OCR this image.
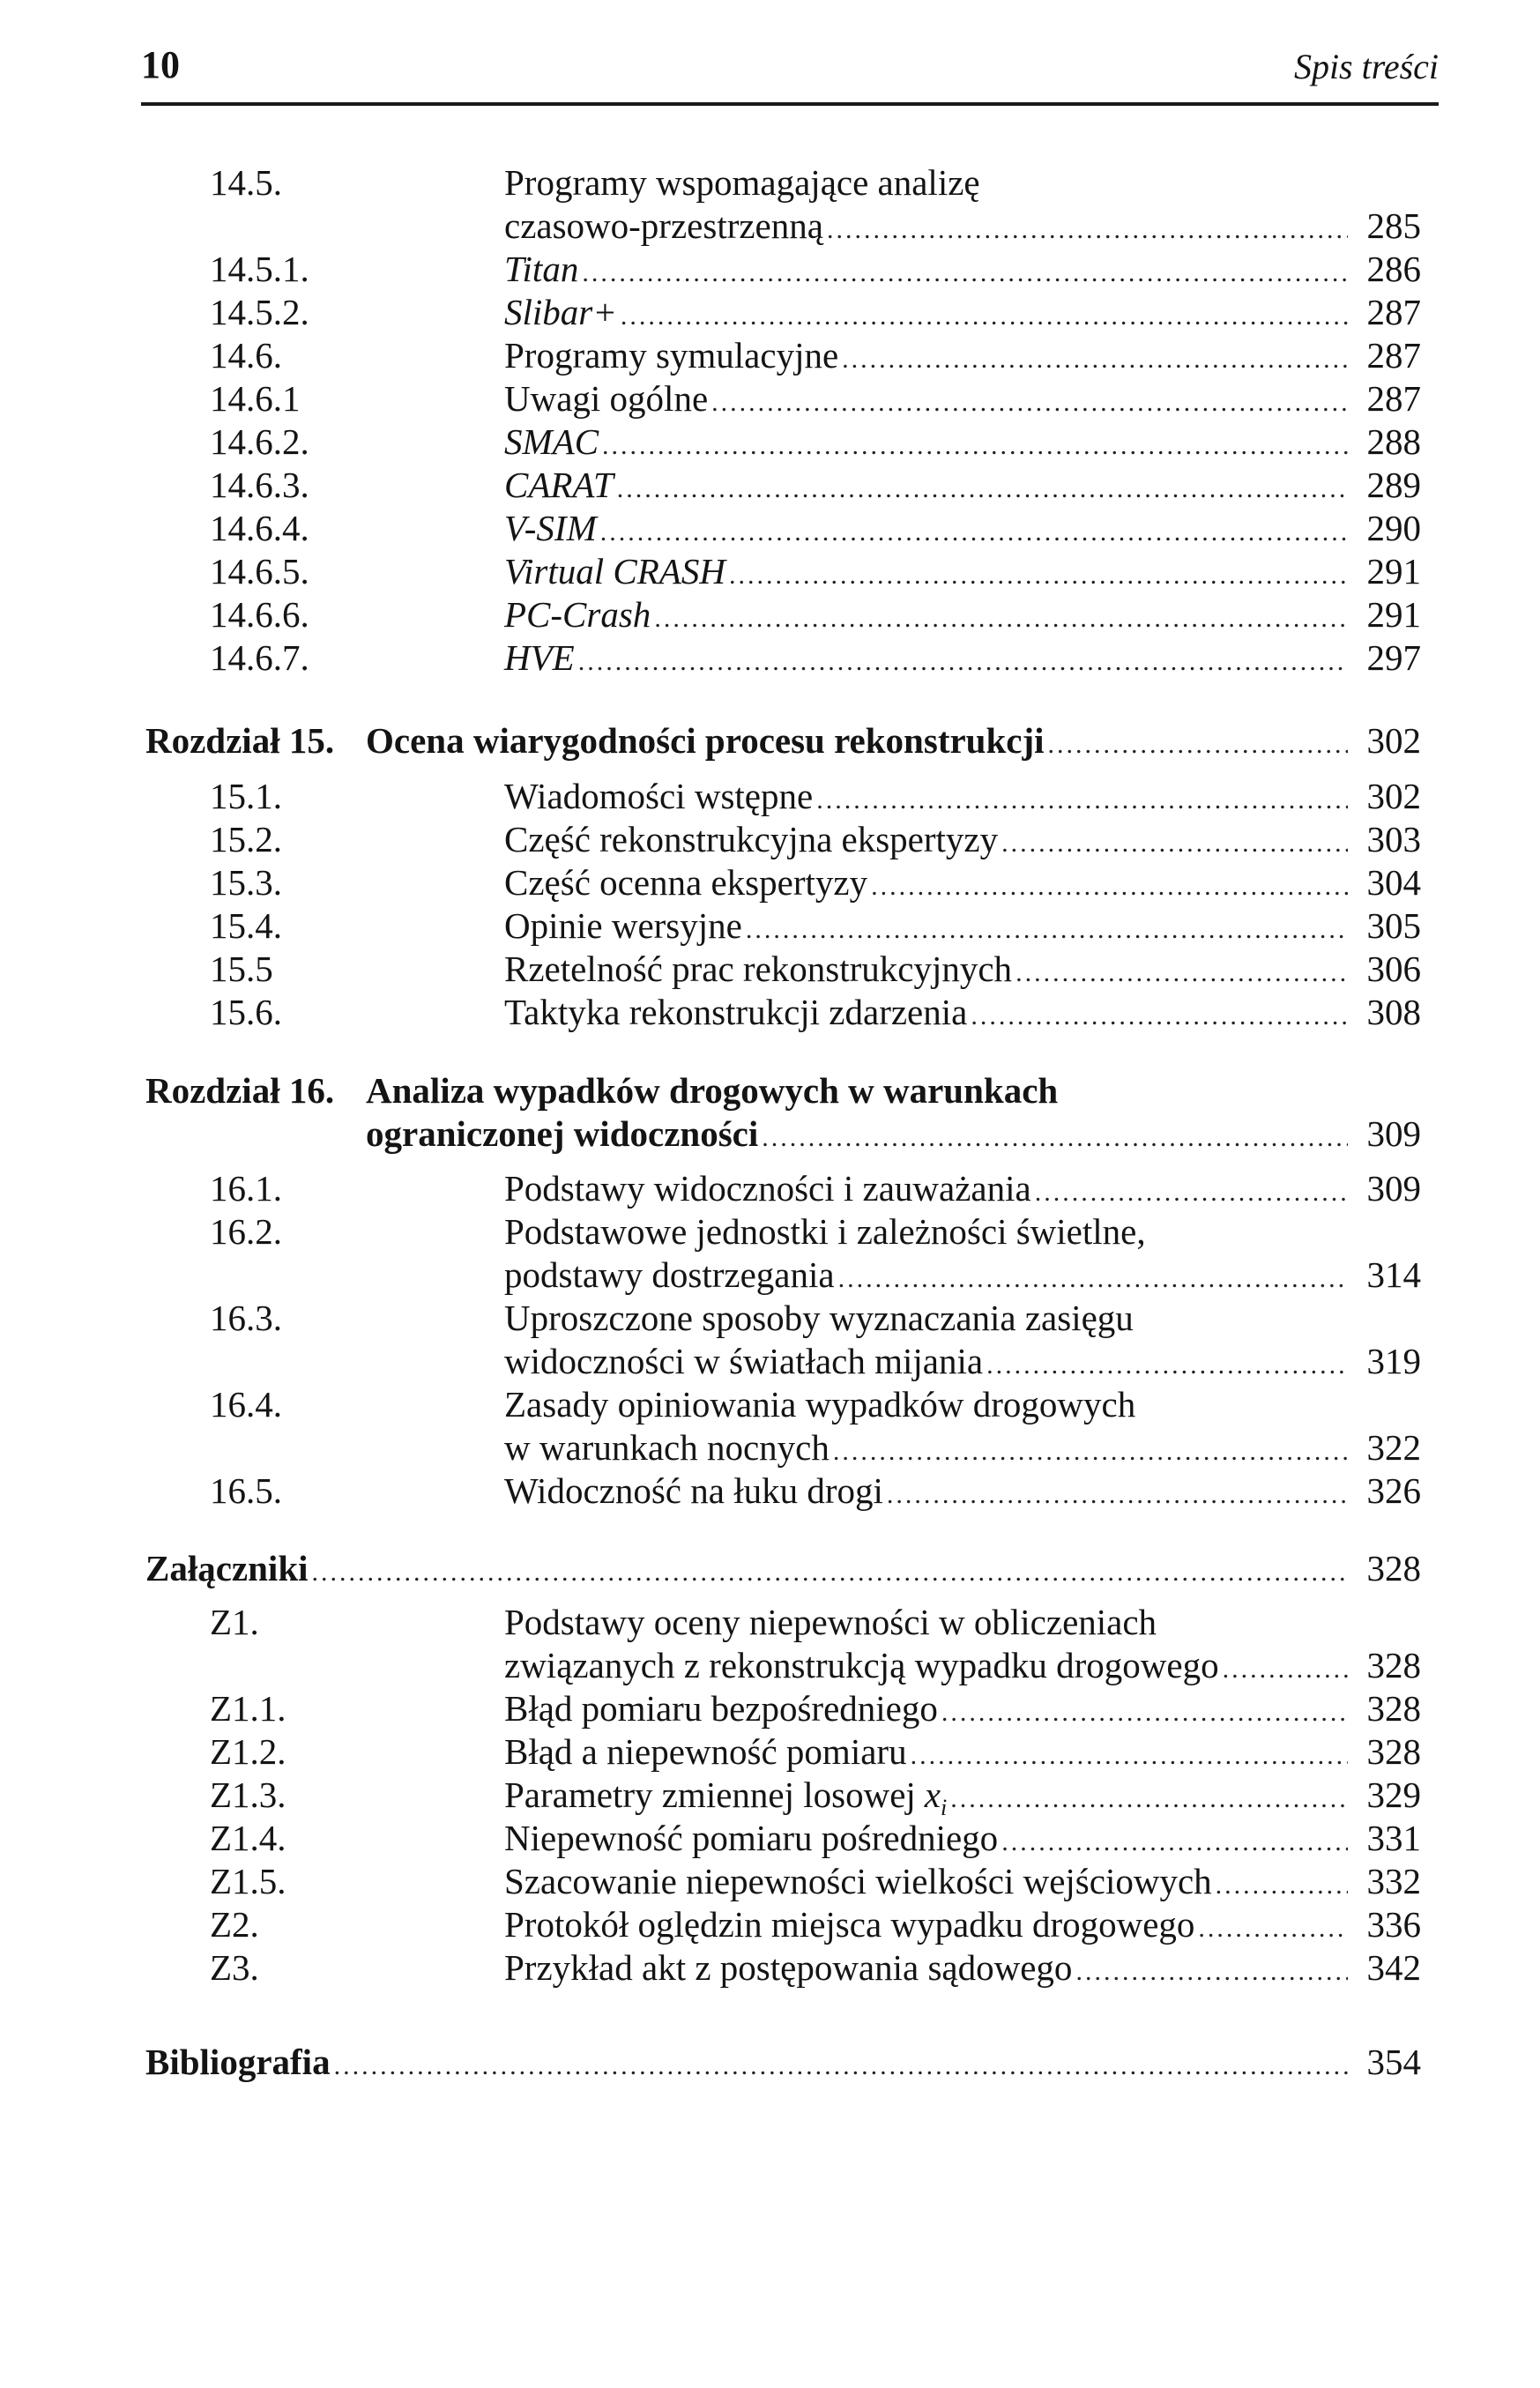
10	Spis treści
14.5.	Programy wspomagające analizę
czasowo-przestrzenną .....	285
14.5.1.	Titan .....	286
14.5.2.	Slibar+ .....	287
14.6.	Programy symulacyjne .....	287
14.6.1	Uwagi ogólne .....	287
14.6.2.	SMAC .....	288
14.6.3.	CARAT .....	289
14.6.4.	V-SIM .....	290
14.6.5.	Virtual CRASH .....	291
14.6.6.	PC-Crash .....	291
14.6.7.	HVE .....	297
Rozdział 15. Ocena wiarygodności procesu rekonstrukcji .....	302
15.1.	Wiadomości wstępne .....	302
15.2.	Część rekonstrukcyjna ekspertyzy .....	303
15.3.	Część ocenna ekspertyzy .....	304
15.4.	Opinie wersyjne .....	305
15.5	Rzetelność prac rekonstrukcyjnych .....	306
15.6.	Taktyka rekonstrukcji zdarzenia .....	308
Rozdział 16. Analiza wypadków drogowych w warunkach
ograniczonej widoczności .....	309
16.1.	Podstawy widoczności i zauważania .....	309
16.2.	Podstawowe jednostki i zależności świetlne,
podstawy dostrzegania .....	314
16.3.	Uproszczone sposoby wyznaczania zasięgu
widoczności w światłach mijania .....	319
16.4.	Zasady opiniowania wypadków drogowych
w warunkach nocnych .....	322
16.5.	Widoczność na łuku drogi .....	326
Załączniki .....	328
Z1.	Podstawy oceny niepewności w obliczeniach
związanych z rekonstrukcją wypadku drogowego .....	328
Z1.1.	Błąd pomiaru bezpośredniego .....	328
Z1.2.	Błąd a niepewność pomiaru .....	328
Z1.3.	Parametry zmiennej losowej $x_i$ .....	329
Z1.4.	Niepewność pomiaru pośredniego .....	331
Z1.5.	Szacowanie niepewności wielkości wejściowych .....	332
Z2.	Protokół oględzin miejsca wypadku drogowego .....	336
Z3.	Przykład akt z postępowania sądowego .....	342
Bibliografia .....	354
